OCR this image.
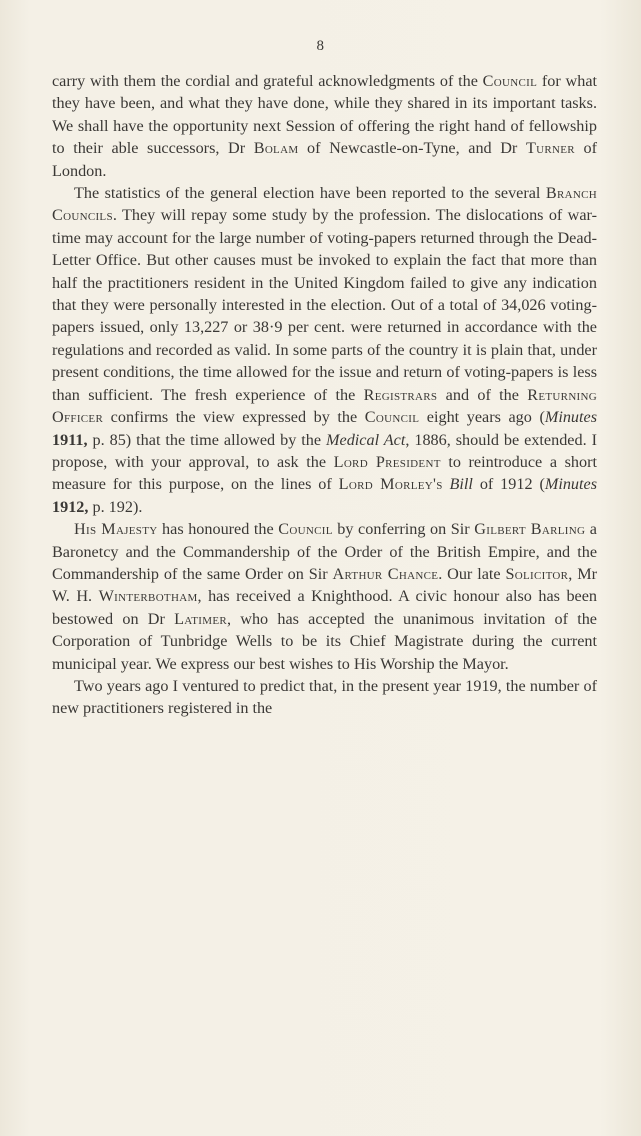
8

carry with them the cordial and grateful acknowledgments of the Council for what they have been, and what they have done, while they shared in its important tasks. We shall have the opportunity next Session of offering the right hand of fellowship to their able successors, Dr Bolam of Newcastle-on-Tyne, and Dr Turner of London.

The statistics of the general election have been reported to the several Branch Councils. They will repay some study by the profession. The dislocations of war-time may account for the large number of voting-papers returned through the Dead-Letter Office. But other causes must be invoked to explain the fact that more than half the practitioners resident in the United Kingdom failed to give any indication that they were personally interested in the election. Out of a total of 34,026 voting-papers issued, only 13,227 or 38·9 per cent. were returned in accordance with the regulations and recorded as valid. In some parts of the country it is plain that, under present conditions, the time allowed for the issue and return of voting-papers is less than sufficient. The fresh experience of the Registrars and of the Returning Officer confirms the view expressed by the Council eight years ago (Minutes 1911, p. 85) that the time allowed by the Medical Act, 1886, should be extended. I propose, with your approval, to ask the Lord President to reintroduce a short measure for this purpose, on the lines of Lord Morley's Bill of 1912 (Minutes 1912, p. 192).

His Majesty has honoured the Council by conferring on Sir Gilbert Barling a Baronetcy and the Commandership of the Order of the British Empire, and the Commandership of the same Order on Sir Arthur Chance. Our late Solicitor, Mr W. H. Winterbotham, has received a Knighthood. A civic honour also has been bestowed on Dr Latimer, who has accepted the unanimous invitation of the Corporation of Tunbridge Wells to be its Chief Magistrate during the current municipal year. We express our best wishes to His Worship the Mayor.

Two years ago I ventured to predict that, in the present year 1919, the number of new practitioners registered in the
